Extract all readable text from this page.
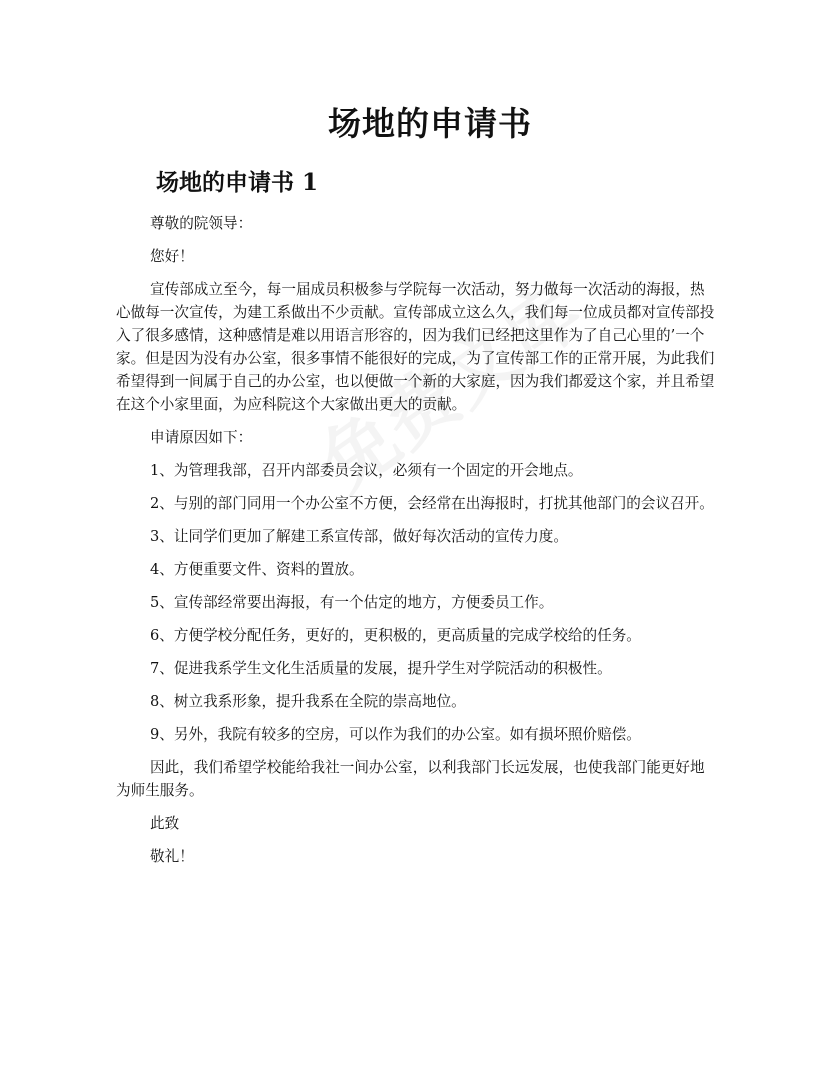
场地的申请书
场地的申请书 1

尊敬的院领导：

您好！

宣传部成立至今，每一届成员积极参与学院每一次活动，努力做每一次活动的海报，热心做每一次宣传，为建工系做出不少贡献。宣传部成立这么久，我们每一位成员都对宣传部投入了很多感情，这种感情是难以用语言形容的，因为我们已经把这里作为了自己心里的’一个家。但是因为没有办公室，很多事情不能很好的完成，为了宣传部工作的正常开展，为此我们希望得到一间属于自己的办公室，也以便做一个新的大家庭，因为我们都爱这个家，并且希望在这个小家里面，为应科院这个大家做出更大的贡献。

申请原因如下：

1、为管理我部，召开内部委员会议，必须有一个固定的开会地点。

2、与别的部门同用一个办公室不方便，会经常在出海报时，打扰其他部门的会议召开。

3、让同学们更加了解建工系宣传部，做好每次活动的宣传力度。

4、方便重要文件、资料的置放。

5、宣传部经常要出海报，有一个估定的地方，方便委员工作。

6、方便学校分配任务，更好的，更积极的，更高质量的完成学校给的任务。

7、促进我系学生文化生活质量的发展，提升学生对学院活动的积极性。

8、树立我系形象，提升我系在全院的崇高地位。

9、另外，我院有较多的空房，可以作为我们的办公室。如有损坏照价赔偿。

因此，我们希望学校能给我社一间办公室，以利我部门长远发展，也使我部门能更好地为师生服务。

此致

敬礼！
